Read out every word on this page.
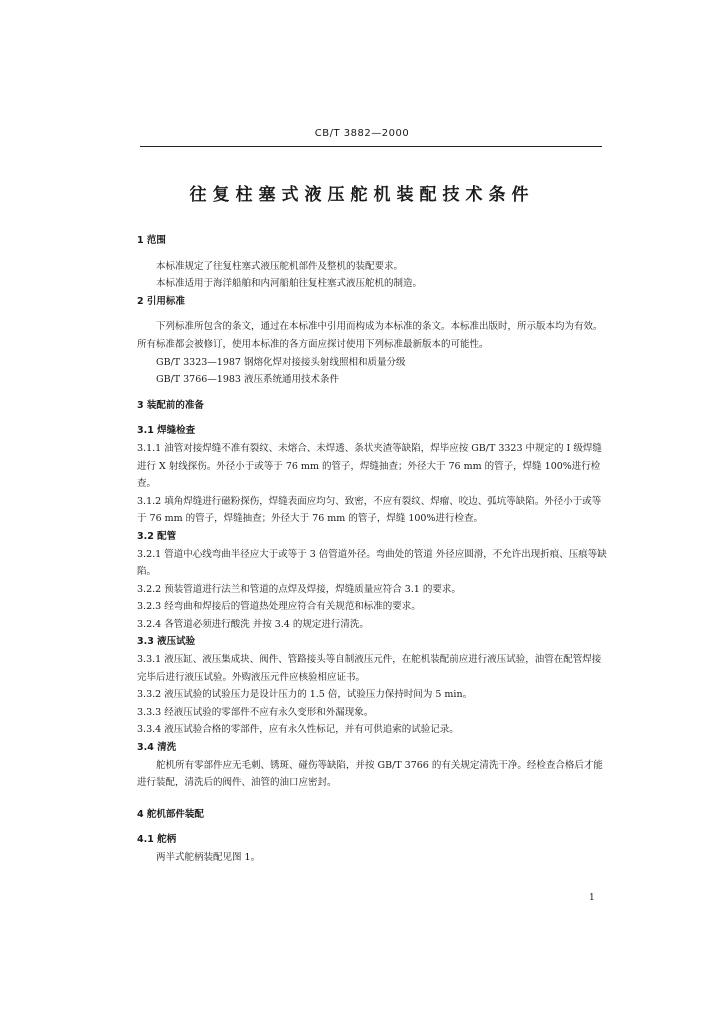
CB/T 3882—2000
往复柱塞式液压舵机装配技术条件

1 范围

本标准规定了往复柱塞式液压舵机部件及整机的装配要求。

本标准适用于海洋船舶和内河船舶往复柱塞式液压舵机的制造。

2 引用标准

下列标准所包含的条文，通过在本标准中引用而构成为本标准的条文。本标准出版时，所示版本均为有效。所有标准都会被修订，使用本标准的各方面应探讨使用下列标准最新版本的可能性。

GB/T 3323—1987 钢熔化焊对接接头射线照相和质量分级

GB/T 3766—1983 液压系统通用技术条件

3 装配前的准备

3.1 焊缝检查

3.1.1 油管对接焊缝不准有裂纹、未熔合、未焊透、条状夹渣等缺陷，焊毕应按 GB/T 3323 中规定的 I 级焊缝进行 X 射线探伤。外径小于或等于 76 mm 的管子，焊缝抽查；外径大于 76 mm 的管子，焊缝 100%进行检查。

3.1.2 填角焊缝进行磁粉探伤，焊缝表面应均匀、致密，不应有裂纹、焊瘤、咬边、弧坑等缺陷。外径小于或等于 76 mm 的管子，焊缝抽查；外径大于 76 mm 的管子，焊缝 100%进行检查。

3.2 配管

3.2.1 管道中心线弯曲半径应大于或等于 3 倍管道外径。弯曲处的管道 外径应圆滑，不允许出现折痕、压痕等缺陷。

3.2.2 预装管道进行法兰和管道的点焊及焊接，焊缝质量应符合 3.1 的要求。

3.2.3 经弯曲和焊接后的管道热处理应符合有关规范和标准的要求。

3.2.4 各管道必须进行酸洗 并按 3.4 的规定进行清洗。

3.3 液压试验

3.3.1 液压缸、液压集成块、阀件、管路接头等自制液压元件，在舵机装配前应进行液压试验，油管在配管焊接完毕后进行液压试验。外购液压元件应核验相应证书。

3.3.2 液压试验的试验压力是设计压力的 1.5 倍，试验压力保持时间为 5 min。

3.3.3 经液压试验的零部件不应有永久变形和外漏现象。

3.3.4 液压试验合格的零部件，应有永久性标记，并有可供追索的试验记录。

3.4 清洗

舵机所有零部件应无毛刺、锈斑、碰伤等缺陷，并按 GB/T 3766 的有关规定清洗干净。经检查合格后才能进行装配，清洗后的阀件、油管的油口应密封。

4 舵机部件装配

4.1 舵柄

两半式舵柄装配见图 1。

1
